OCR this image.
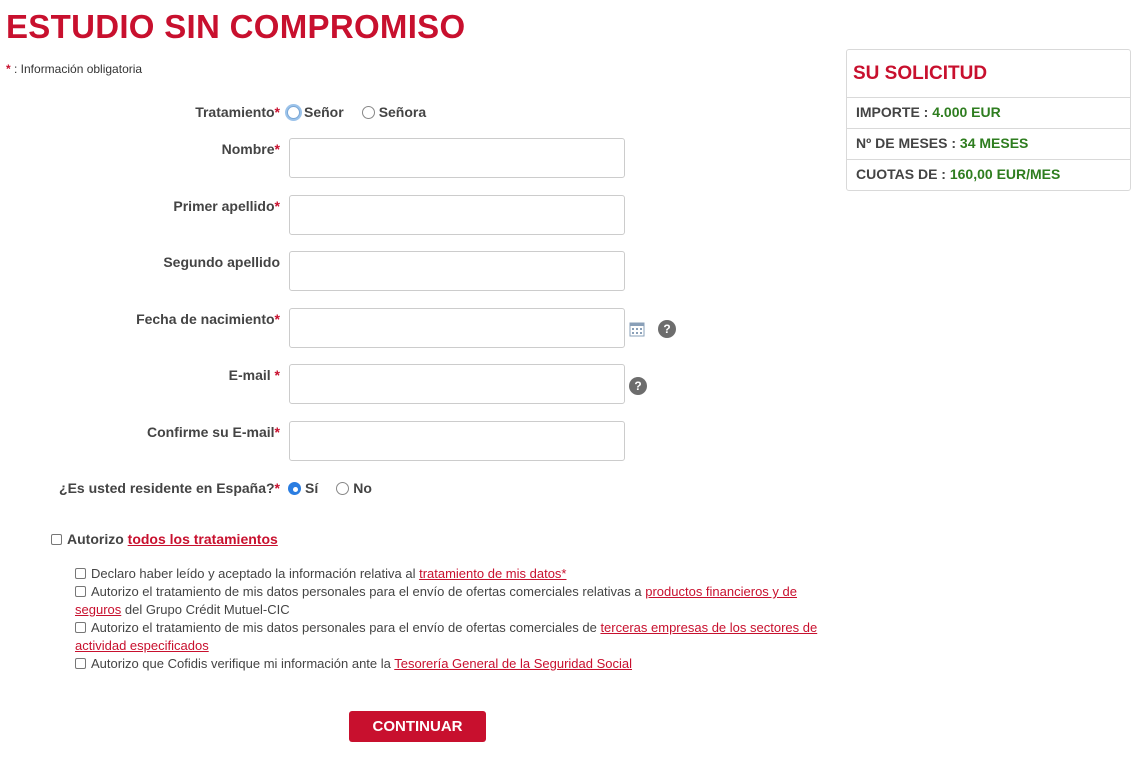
ESTUDIO SIN COMPROMISO
* : Información obligatoria
Tratamiento* Señor	Señora
Nombre*
Primer apellido*
Segundo apellido
Fecha de nacimiento*
?
E-mail *
?
Confirme su E-mail*
¿Es usted residente en España?* Sí	No
Autorizo todos los tratamientos
Declaro haber leído y aceptado la información relativa al tratamiento de mis datos*
Autorizo el tratamiento de mis datos personales para el envío de ofertas comerciales relativas a productos financieros y de seguros del Grupo Crédit Mutuel-CIC
Autorizo el tratamiento de mis datos personales para el envío de ofertas comerciales de terceras empresas de los sectores de actividad especificados
Autorizo que Cofidis verifique mi información ante la Tesorería General de la Seguridad Social
CONTINUAR
SU SOLICITUD
IMPORTE : 4.000 EUR
Nº DE MESES : 34 MESES
CUOTAS DE : 160,00 EUR/MES
